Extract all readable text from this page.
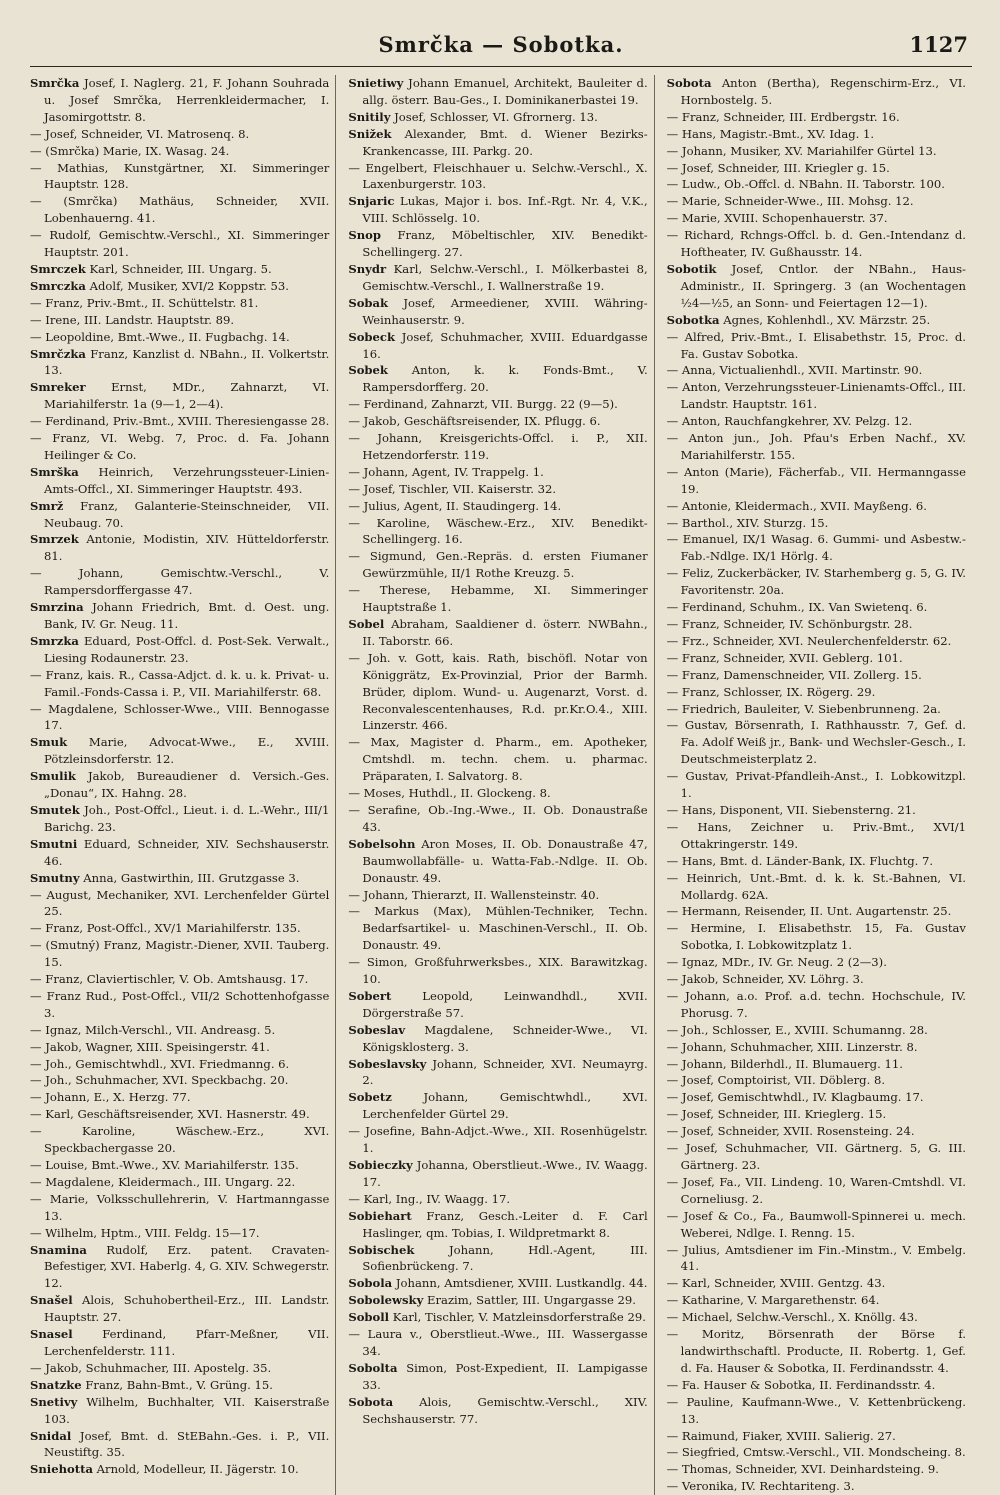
Smrčka — Sobotka.	1127

Smrčka Josef, I. Naglerg. 21, F. Johann Souhrada u. Josef Smrčka, Herrenkleidermacher, I. Jasomirgottstr. 8.

— Josef, Schneider, VI. Matrosenq. 8.

— (Smrčka) Marie, IX. Wasag. 24.

— Mathias, Kunstgärtner, XI. Simmeringer Hauptstr. 128.

— (Smrčka) Mathäus, Schneider, XVII. Lobenhauerng. 41.

— Rudolf, Gemischtw.-Verschl., XI. Simmeringer Hauptstr. 201.

Smrczek Karl, Schneider, III. Ungarg. 5.

Smrczka Adolf, Musiker, XVI/2 Koppstr. 53.

— Franz, Priv.-Bmt., II. Schüttelstr. 81.

— Irene, III. Landstr. Hauptstr. 89.

— Leopoldine, Bmt.-Wwe., II. Fugbachg. 14.

Smrčzka Franz, Kanzlist d. NBahn., II. Volkertstr. 13.

Smreker Ernst, MDr., Zahnarzt, VI. Mariahilferstr. 1a (9—1, 2—4).

— Ferdinand, Priv.-Bmt., XVIII. Theresiengasse 28.

— Franz, VI. Webg. 7, Proc. d. Fa. Johann Heilinger & Co.

Smrška Heinrich, Verzehrungssteuer-Linien-Amts-Offcl., XI. Simmeringer Hauptstr. 493.

Smrž Franz, Galanterie-Steinschneider, VII. Neubaug. 70.

Smrzek Antonie, Modistin, XIV. Hütteldorferstr. 81.

— Johann, Gemischtw.-Verschl., V. Rampersdorffergasse 47.

Smrzina Johann Friedrich, Bmt. d. Oest. ung. Bank, IV. Gr. Neug. 11.

Smrzka Eduard, Post-Offcl. d. Post-Sek. Verwalt., Liesing Rodaunerstr. 23.

— Franz, kais. R., Cassa-Adjct. d. k. u. k. Privat- u. Famil.-Fonds-Cassa i. P., VII. Mariahilferstr. 68.

— Magdalene, Schlosser-Wwe., VIII. Bennogasse 17.

Smuk Marie, Advocat-Wwe., E., XVIII. Pötzleinsdorferstr. 12.

Smulik Jakob, Bureaudiener d. Versich.-Ges. „Donau“, IX. Hahng. 28.

Smutek Joh., Post-Offcl., Lieut. i. d. L.-Wehr., III/1 Barichg. 23.

Smutni Eduard, Schneider, XIV. Sechshauserstr. 46.

Smutny Anna, Gastwirthin, III. Grutzgasse 3.

— August, Mechaniker, XVI. Lerchenfelder Gürtel 25.

— Franz, Post-Offcl., XV/1 Mariahilferstr. 135.

— (Smutný) Franz, Magistr.-Diener, XVII. Tauberg. 15.

— Franz, Claviertischler, V. Ob. Amtshausg. 17.

— Franz Rud., Post-Offcl., VII/2 Schottenhofgasse 3.

— Ignaz, Milch-Verschl., VII. Andreasg. 5.

— Jakob, Wagner, XIII. Speisingerstr. 41.

— Joh., Gemischtwhdl., XVI. Friedmanng. 6.

— Joh., Schuhmacher, XVI. Speckbachg. 20.

— Johann, E., X. Herzg. 77.

— Karl, Geschäftsreisender, XVI. Hasnerstr. 49.

— Karoline, Wäschew.-Erz., XVI. Speckbachergasse 20.

— Louise, Bmt.-Wwe., XV. Mariahilferstr. 135.

— Magdalene, Kleidermach., III. Ungarg. 22.

— Marie, Volksschullehrerin, V. Hartmanngasse 13.

— Wilhelm, Hptm., VIII. Feldg. 15—17.

Snamina Rudolf, Erz. patent. Cravaten-Befestiger, XVI. Haberlg. 4, G. XIV. Schwegerstr. 12.

Snašel Alois, Schuhobertheil-Erz., III. Landstr. Hauptstr. 27.

Snasel Ferdinand, Pfarr-Meßner, VII. Lerchenfelderstr. 111.

— Jakob, Schuhmacher, III. Apostelg. 35.

Snatzke Franz, Bahn-Bmt., V. Grüng. 15.

Snetivy Wilhelm, Buchhalter, VII. Kaiserstraße 103.

Snidal Josef, Bmt. d. StEBahn.-Ges. i. P., VII. Neustiftg. 35.

Sniehotta Arnold, Modelleur, II. Jägerstr. 10.

Snietiwy Johann Emanuel, Architekt, Bauleiter d. allg. österr. Bau-Ges., I. Dominikanerbastei 19.

Snitily Josef, Schlosser, VI. Gfrornerg. 13.

Snižek Alexander, Bmt. d. Wiener Bezirks-Krankencasse, III. Parkg. 20.

— Engelbert, Fleischhauer u. Selchw.-Verschl., X. Laxenburgerstr. 103.

Snjaric Lukas, Major i. bos. Inf.-Rgt. Nr. 4, V.K., VIII. Schlösselg. 10.

Snop Franz, Möbeltischler, XIV. Benedikt-Schellingerg. 27.

Snydr Karl, Selchw.-Verschl., I. Mölkerbastei 8, Gemischtw.-Verschl., I. Wallnerstraße 19.

Sobak Josef, Armeediener, XVIII. Währing-Weinhauserstr. 9.

Sobeck Josef, Schuhmacher, XVIII. Eduardgasse 16.

Sobek Anton, k. k. Fonds-Bmt., V. Rampersdorfferg. 20.

— Ferdinand, Zahnarzt, VII. Burgg. 22 (9—5).

— Jakob, Geschäftsreisender, IX. Pflugg. 6.

— Johann, Kreisgerichts-Offcl. i. P., XII. Hetzendorferstr. 119.

— Johann, Agent, IV. Trappelg. 1.

— Josef, Tischler, VII. Kaiserstr. 32.

— Julius, Agent, II. Staudingerg. 14.

— Karoline, Wäschew.-Erz., XIV. Benedikt-Schellingerg. 16.

— Sigmund, Gen.-Repräs. d. ersten Fiumaner Gewürzmühle, II/1 Rothe Kreuzg. 5.

— Therese, Hebamme, XI. Simmeringer Hauptstraße 1.

Sobel Abraham, Saaldiener d. österr. NWBahn., II. Taborstr. 66.

— Joh. v. Gott, kais. Rath, bischöfl. Notar von Königgrätz, Ex-Provinzial, Prior der Barmh. Brüder, diplom. Wund- u. Augenarzt, Vorst. d. Reconvalescentenhauses, R.d. pr.Kr.O.4., XIII. Linzerstr. 466.

— Max, Magister d. Pharm., em. Apotheker, Cmtshdl. m. techn. chem. u. pharmac. Präparaten, I. Salvatorg. 8.

— Moses, Huthdl., II. Glockeng. 8.

— Serafine, Ob.-Ing.-Wwe., II. Ob. Donaustraße 43.

Sobelsohn Aron Moses, II. Ob. Donaustraße 47, Baumwollabfälle- u. Watta-Fab.-Ndlge. II. Ob. Donaustr. 49.

— Johann, Thierarzt, II. Wallensteinstr. 40.

— Markus (Max), Mühlen-Techniker, Techn. Bedarfsartikel- u. Maschinen-Verschl., II. Ob. Donaustr. 49.

— Simon, Großfuhrwerksbes., XIX. Barawitzkag. 10.

Sobert Leopold, Leinwandhdl., XVII. Dörgerstraße 57.

Sobeslav Magdalene, Schneider-Wwe., VI. Königsklosterg. 3.

Sobeslavsky Johann, Schneider, XVI. Neumayrg. 2.

Sobetz Johann, Gemischtwhdl., XVI. Lerchenfelder Gürtel 29.

— Josefine, Bahn-Adjct.-Wwe., XII. Rosenhügelstr. 1.

Sobieczky Johanna, Oberstlieut.-Wwe., IV. Waagg. 17.

— Karl, Ing., IV. Waagg. 17.

Sobiehart Franz, Gesch.-Leiter d. F. Carl Haslinger, qm. Tobias, I. Wildpretmarkt 8.

Sobischek Johann, Hdl.-Agent, III. Sofienbrückeng. 7.

Sobola Johann, Amtsdiener, XVIII. Lustkandlg. 44.

Sobolewsky Erazim, Sattler, III. Ungargasse 29.

Soboll Karl, Tischler, V. Matzleinsdorferstraße 29.

— Laura v., Oberstlieut.-Wwe., III. Wassergasse 34.

Sobolta Simon, Post-Expedient, II. Lampigasse 33.

Sobota Alois, Gemischtw.-Verschl., XIV. Sechshauserstr. 77.

Sobota Anton (Bertha), Regenschirm-Erz., VI. Hornbostelg. 5.

— Franz, Schneider, III. Erdbergstr. 16.

— Hans, Magistr.-Bmt., XV. Idag. 1.

— Johann, Musiker, XV. Mariahilfer Gürtel 13.

— Josef, Schneider, III. Kriegler g. 15.

— Ludw., Ob.-Offcl. d. NBahn. II. Taborstr. 100.

— Marie, Schneider-Wwe., III. Mohsg. 12.

— Marie, XVIII. Schopenhauerstr. 37.

— Richard, Rchngs-Offcl. b. d. Gen.-Intendanz d. Hoftheater, IV. Gußhausstr. 14.

Sobotik Josef, Cntlor. der NBahn., Haus-Administr., II. Springerg. 3 (an Wochentagen ½4—½5, an Sonn- und Feiertagen 12—1).

Sobotka Agnes, Kohlenhdl., XV. Märzstr. 25.

— Alfred, Priv.-Bmt., I. Elisabethstr. 15, Proc. d. Fa. Gustav Sobotka.

— Anna, Victualienhdl., XVII. Martinstr. 90.

— Anton, Verzehrungssteuer-Linienamts-Offcl., III. Landstr. Hauptstr. 161.

— Anton, Rauchfangkehrer, XV. Pelzg. 12.

— Anton jun., Joh. Pfau's Erben Nachf., XV. Mariahilferstr. 155.

— Anton (Marie), Fächerfab., VII. Hermanngasse 19.

— Antonie, Kleidermach., XVII. Mayßeng. 6.

— Barthol., XIV. Sturzg. 15.

— Emanuel, IX/1 Wasag. 6. Gummi- und Asbestw.-Fab.-Ndlge. IX/1 Hörlg. 4.

— Feliz, Zuckerbäcker, IV. Starhemberg g. 5, G. IV. Favoritenstr. 20a.

— Ferdinand, Schuhm., IX. Van Swietenq. 6.

— Franz, Schneider, IV. Schönburgstr. 28.

— Frz., Schneider, XVI. Neulerchenfelderstr. 62.

— Franz, Schneider, XVII. Geblerg. 101.

— Franz, Damenschneider, VII. Zollerg. 15.

— Franz, Schlosser, IX. Rögerg. 29.

— Friedrich, Bauleiter, V. Siebenbrunneng. 2a.

— Gustav, Börsenrath, I. Rathhausstr. 7, Gef. d. Fa. Adolf Weiß jr., Bank- und Wechsler-Gesch., I. Deutschmeisterplatz 2.

— Gustav, Privat-Pfandleih-Anst., I. Lobkowitzpl. 1.

— Hans, Disponent, VII. Siebensterng. 21.

— Hans, Zeichner u. Priv.-Bmt., XVI/1 Ottakringerstr. 149.

— Hans, Bmt. d. Länder-Bank, IX. Fluchtg. 7.

— Heinrich, Unt.-Bmt. d. k. k. St.-Bahnen, VI. Mollardg. 62A.

— Hermann, Reisender, II. Unt. Augartenstr. 25.

— Hermine, I. Elisabethstr. 15, Fa. Gustav Sobotka, I. Lobkowitzplatz 1.

— Ignaz, MDr., IV. Gr. Neug. 2 (2—3).

— Jakob, Schneider, XV. Löhrg. 3.

— Johann, a.o. Prof. a.d. techn. Hochschule, IV. Phorusg. 7.

— Joh., Schlosser, E., XVIII. Schumanng. 28.

— Johann, Schuhmacher, XIII. Linzerstr. 8.

— Johann, Bilderhdl., II. Blumauerg. 11.

— Josef, Comptoirist, VII. Döblerg. 8.

— Josef, Gemischtwhdl., IV. Klagbaumg. 17.

— Josef, Schneider, III. Krieglerg. 15.

— Josef, Schneider, XVII. Rosensteing. 24.

— Josef, Schuhmacher, VII. Gärtnerg. 5, G. III. Gärtnerg. 23.

— Josef, Fa., VII. Lindeng. 10, Waren-Cmtshdl. VI. Corneliusg. 2.

— Josef & Co., Fa., Baumwoll-Spinnerei u. mech. Weberei, Ndlge. I. Renng. 15.

— Julius, Amtsdiener im Fin.-Minstm., V. Embelg. 41.

— Karl, Schneider, XVIII. Gentzg. 43.

— Katharine, V. Margarethenstr. 64.

— Michael, Selchw.-Verschl., X. Knöllg. 43.

— Moritz, Börsenrath der Börse f. landwirthschaftl. Producte, II. Robertg. 1, Gef. d. Fa. Hauser & Sobotka, II. Ferdinandsstr. 4.

— Fa. Hauser & Sobotka, II. Ferdinandsstr. 4.

— Pauline, Kaufmann-Wwe., V. Kettenbrückeng. 13.

— Raimund, Fiaker, XVIII. Salierig. 27.

— Siegfried, Cmtsw.-Verschl., VII. Mondscheing. 8.

— Thomas, Schneider, XVI. Deinhardsteing. 9.

— Veronika, IV. Rechtariteng. 3.
